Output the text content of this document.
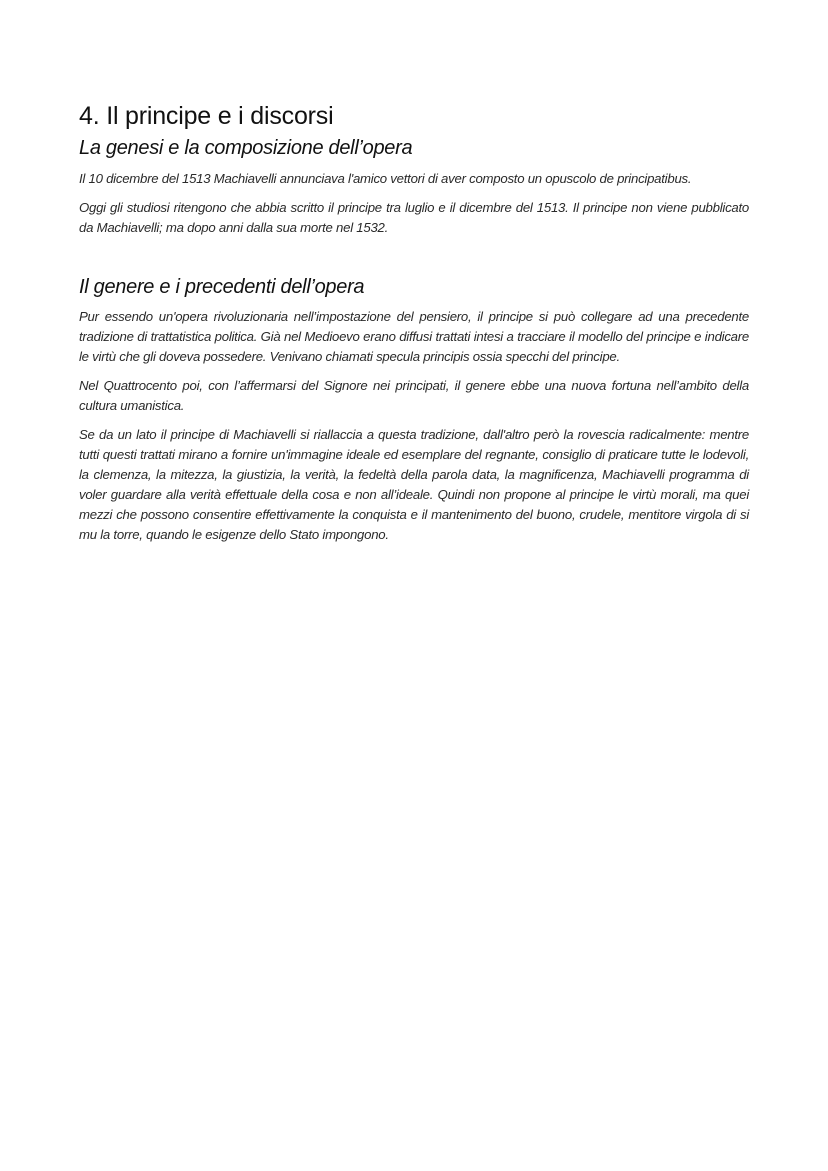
4. Il principe e i discorsi
La genesi e la composizione dell’opera

Il 10 dicembre del 1513 Machiavelli annunciava l'amico vettori di aver composto un opuscolo de principatibus.

Oggi gli studiosi ritengono che abbia scritto il principe tra luglio e il dicembre del 1513. Il principe non viene pubblicato da Machiavelli; ma dopo anni dalla sua morte nel 1532.

Il genere e i precedenti dell’opera

Pur essendo un'opera rivoluzionaria nell’impostazione del pensiero, il principe si può collegare ad una precedente tradizione di trattatistica politica. Già nel Medioevo erano diffusi trattati intesi a tracciare il modello del principe e indicare le virtù che gli doveva possedere. Venivano chiamati specula principis ossia specchi del principe.

Nel Quattrocento poi, con l’affermarsi del Signore nei principati, il genere ebbe una nuova fortuna nell’ambito della cultura umanistica.

Se da un lato il principe di Machiavelli si riallaccia a questa tradizione, dall'altro però la rovescia radicalmente: mentre tutti questi trattati mirano a fornire un'immagine ideale ed esemplare del regnante, consiglio di praticare tutte le lodevoli, la clemenza, la mitezza, la giustizia, la verità, la fedeltà della parola data, la magnificenza, Machiavelli programma di voler guardare alla verità effettuale della cosa e non all’ideale. Quindi non propone al principe le virtù morali, ma quei mezzi che possono consentire effettivamente la conquista e il mantenimento del buono, crudele, mentitore virgola di si mu la torre, quando le esigenze dello Stato impongono.
